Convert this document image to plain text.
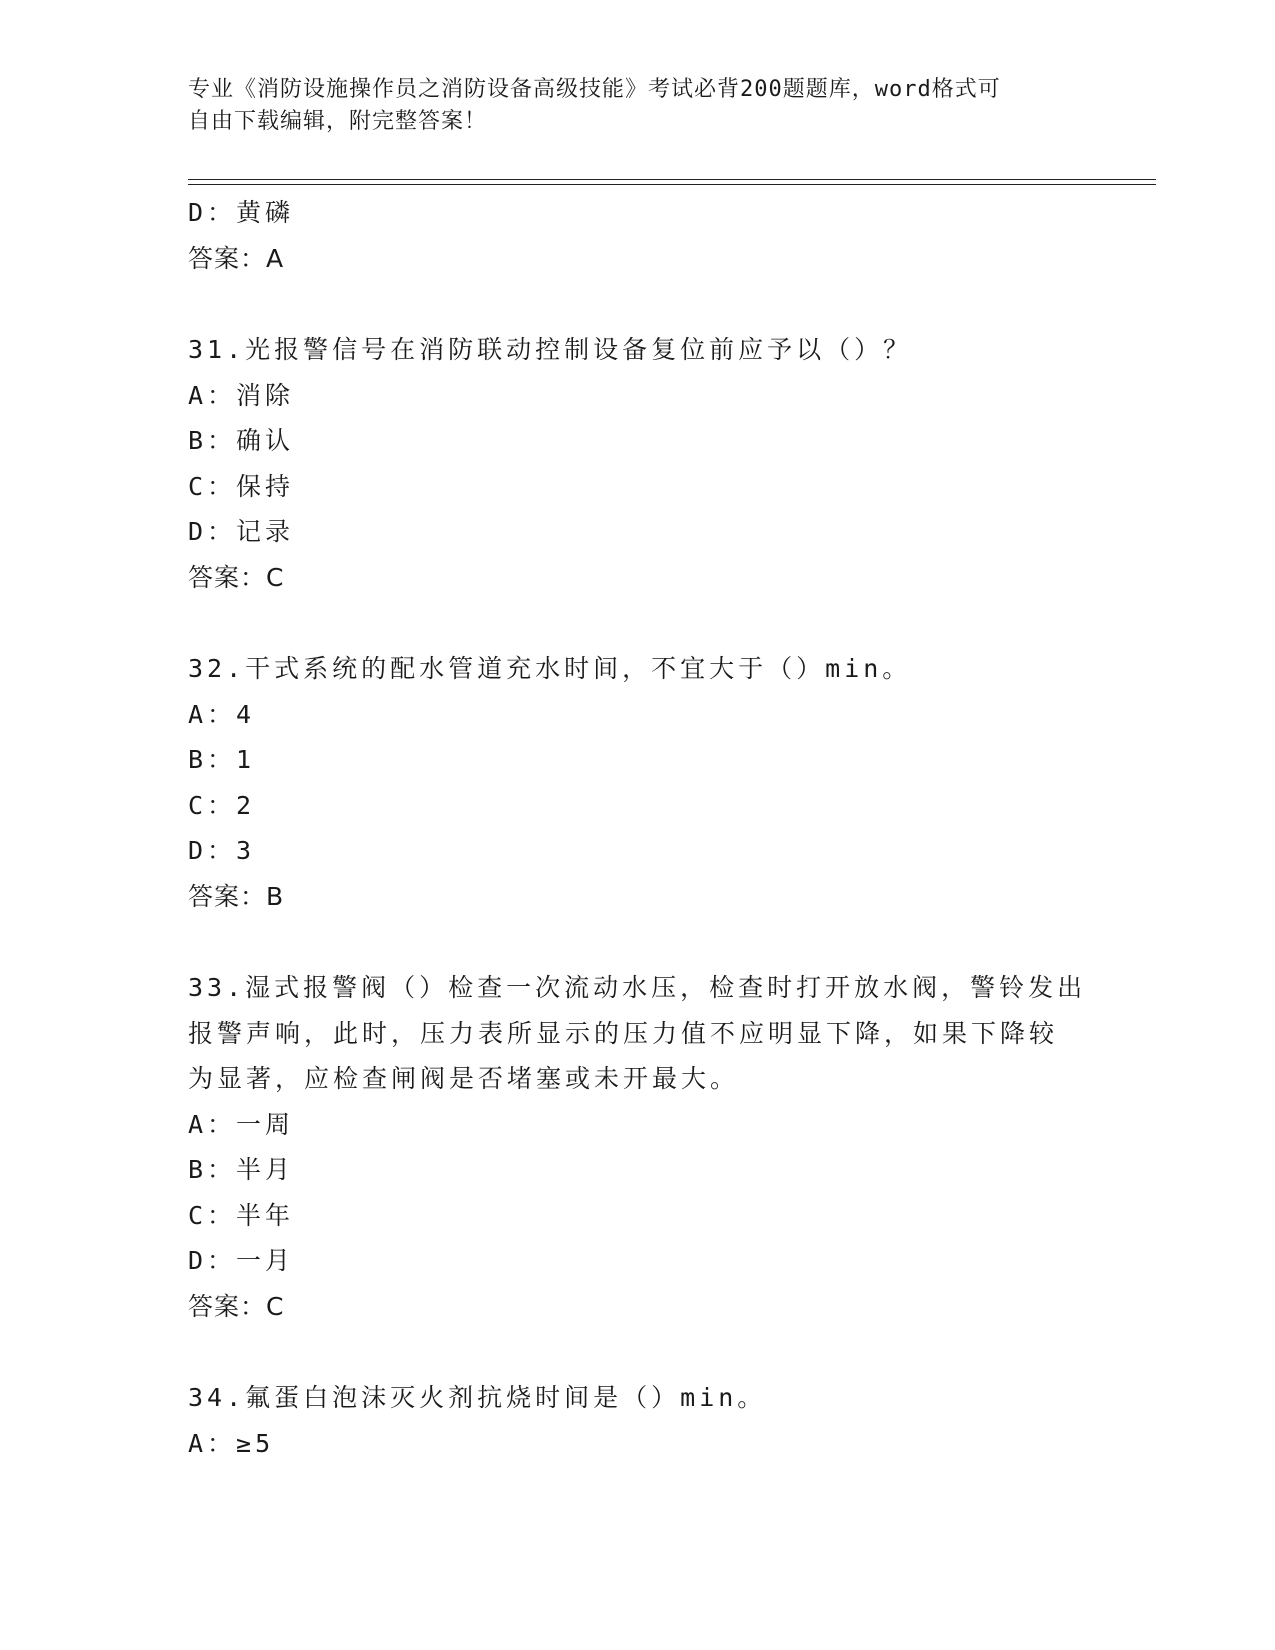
专业《消防设施操作员之消防设备高级技能》考试必背200题题库，word格式可
自由下载编辑，附完整答案！
D：黄磷
答案：A
31.光报警信号在消防联动控制设备复位前应予以（）？
A：消除
B：确认
C：保持
D：记录
答案：C
32.干式系统的配水管道充水时间，不宜大于（）min。
A：4
B：1
C：2
D：3
答案：B
33.湿式报警阀（）检查一次流动水压，检查时打开放水阀，警铃发出
报警声响，此时，压力表所显示的压力值不应明显下降，如果下降较
为显著，应检查闸阀是否堵塞或未开最大。
A：一周
B：半月
C：半年
D：一月
答案：C
34.氟蛋白泡沫灭火剂抗烧时间是（）min。
A：≥5
